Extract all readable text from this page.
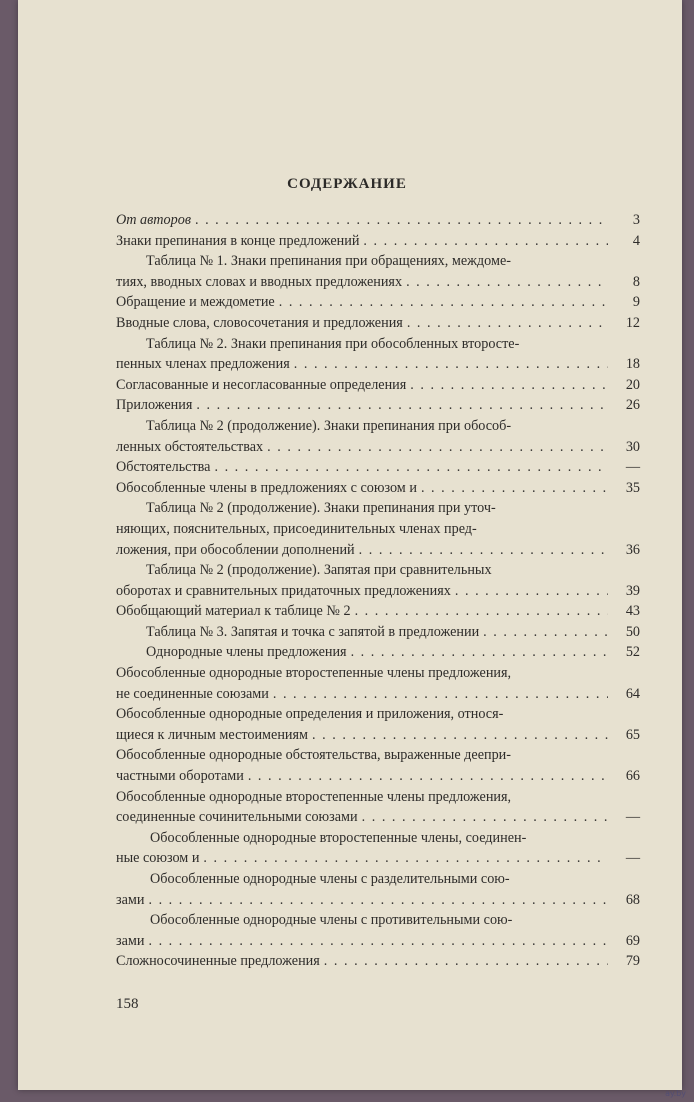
СОДЕРЖАНИЕ
От авторов . . .	3
Знаки препинания в конце предложений . . .	4
Таблица № 1. Знаки препинания при обращениях, междоме-
тиях, вводных словах и вводных предложениях . . .	8
Обращение и междометие . . .	9
Вводные слова, словосочетания и предложения . . .	12
Таблица № 2. Знаки препинания при обособленных второсте-
пенных членах предложения . . .	18
Согласованные и несогласованные определения . . .	20
Приложения . . .	26
Таблица № 2 (продолжение). Знаки препинания при обособ-
ленных обстоятельствах . . .	30
Обстоятельства . . .	—
Обособленные члены в предложениях с союзом и . . .	35
Таблица № 2 (продолжение). Знаки препинания при уточ-
няющих, пояснительных, присоединительных членах пред-
ложения, при обособлении дополнений . . .	36
Таблица № 2 (продолжение). Запятая при сравнительных
оборотах и сравнительных придаточных предложениях . . .	39
Обобщающий материал к таблице № 2 . . .	43
Таблица № 3. Запятая и точка с запятой в предложении . . .	50
Однородные члены предложения . . .	52
Обособленные однородные второстепенные члены предложения,
не соединенные союзами . . .	64
Обособленные однородные определения и приложения, относя-
щиеся к личным местоимениям . . .	65
Обособленные однородные обстоятельства, выраженные деепри-
частными оборотами . . .	66
Обособленные однородные второстепенные члены предложения,
соединенные сочинительными союзами . . .	—
Обособленные однородные второстепенные члены, соединен-
ные союзом и . . .	—
Обособленные однородные члены с разделительными сою-
зами . . .	68
Обособленные однородные члены с противительными сою-
зами . . .	69
Сложносочиненные предложения . . .	79
158
ay.by
